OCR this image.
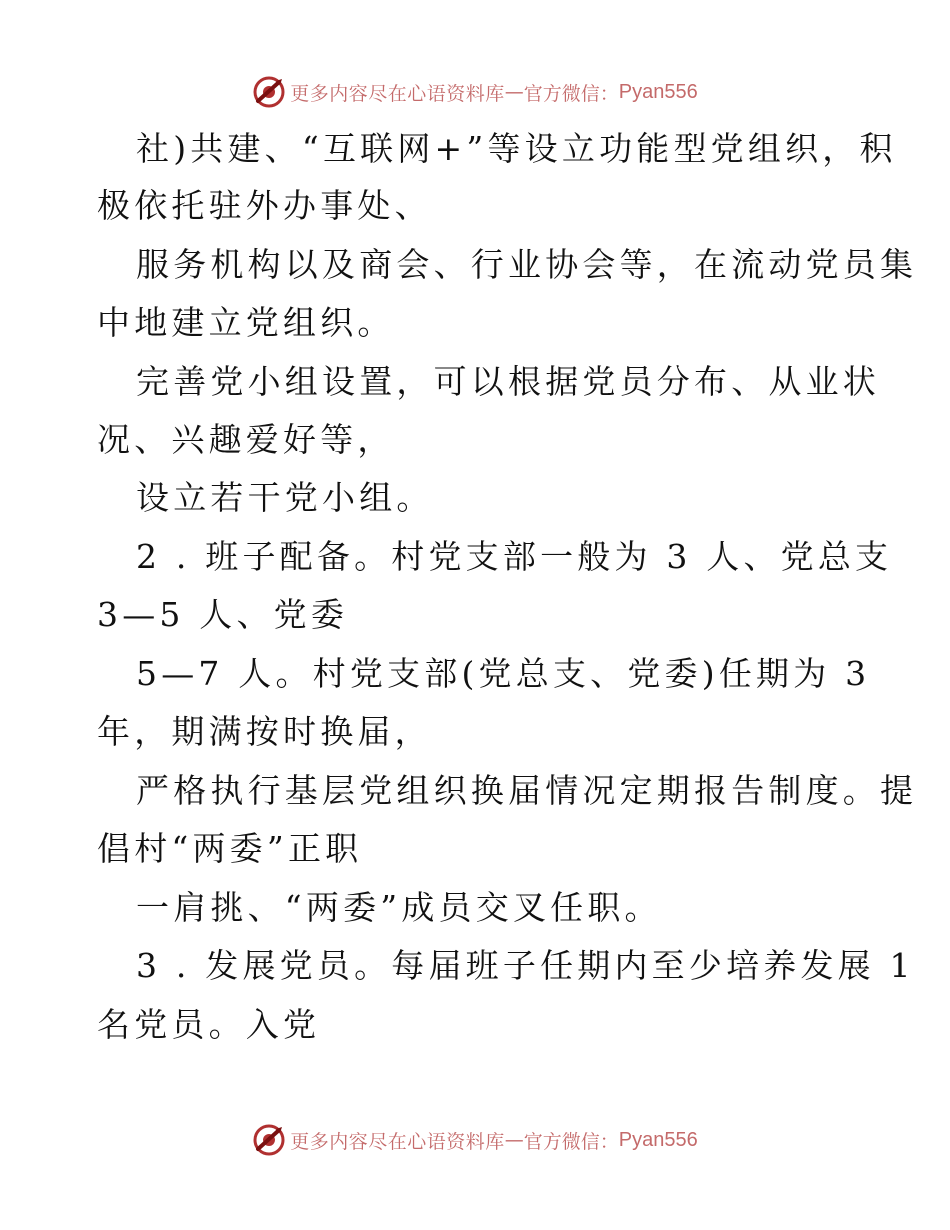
更多内容尽在心语资料库 — 官方微信： Pyan556
社)共建、“互联网+”等设立功能型党组织，积
极依托驻外办事处、
服务机构以及商会、行业协会等，在流动党员集
中地建立党组织。
完善党小组设置，可以根据党员分布、从业状
况、兴趣爱好等，
设立若干党小组。
2 . 班子配备。村党支部一般为 3 人、党总支
3—5 人、党委
5—7 人。村党支部(党总支、党委)任期为 3
年，期满按时换届，
严格执行基层党组织换届情况定期报告制度。提
倡村“两委”正职
一肩挑、“两委”成员交叉任职。
3 . 发展党员。每届班子任期内至少培养发展 1
名党员。入党
更多内容尽在心语资料库 — 官方微信： Pyan556
